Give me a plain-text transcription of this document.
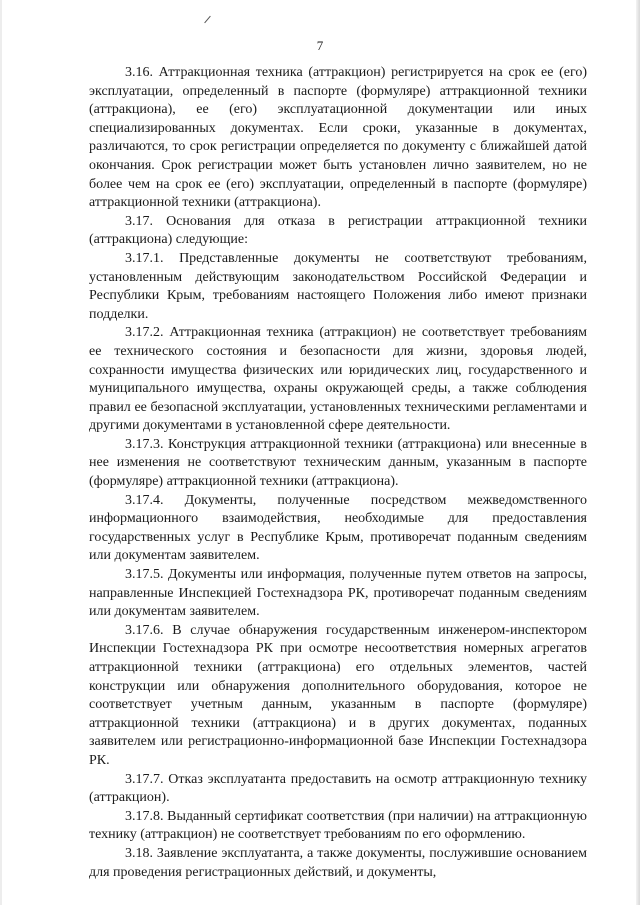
7

3.16. Аттракционная техника (аттракцион) регистрируется на срок ее (его) эксплуатации, определенный в паспорте (формуляре) аттракционной техники (аттракциона), ее (его) эксплуатационной документации или иных специализированных документах. Если сроки, указанные в документах, различаются, то срок регистрации определяется по документу с ближайшей датой окончания. Срок регистрации может быть установлен лично заявителем, но не более чем на срок ее (его) эксплуатации, определенный в паспорте (формуляре) аттракционной техники (аттракциона).

3.17. Основания для отказа в регистрации аттракционной техники (аттракциона) следующие:

3.17.1. Представленные документы не соответствуют требованиям, установленным действующим законодательством Российской Федерации и Республики Крым, требованиям настоящего Положения либо имеют признаки подделки.

3.17.2. Аттракционная техника (аттракцион) не соответствует требованиям ее технического состояния и безопасности для жизни, здоровья людей, сохранности имущества физических или юридических лиц, государственного и муниципального имущества, охраны окружающей среды, а также соблюдения правил ее безопасной эксплуатации, установленных техническими регламентами и другими документами в установленной сфере деятельности.

3.17.3. Конструкция аттракционной техники (аттракциона) или внесенные в нее изменения не соответствуют техническим данным, указанным в паспорте (формуляре) аттракционной техники (аттракциона).

3.17.4. Документы, полученные посредством межведомственного информационного взаимодействия, необходимые для предоставления государственных услуг в Республике Крым, противоречат поданным сведениям или документам заявителем.

3.17.5. Документы или информация, полученные путем ответов на запросы, направленные Инспекцией Гостехнадзора РК, противоречат поданным сведениям или документам заявителем.

3.17.6. В случае обнаружения государственным инженером-инспектором Инспекции Гостехнадзора РК при осмотре несоответствия номерных агрегатов аттракционной техники (аттракциона) его отдельных элементов, частей конструкции или обнаружения дополнительного оборудования, которое не соответствует учетным данным, указанным в паспорте (формуляре) аттракционной техники (аттракциона) и в других документах, поданных заявителем или регистрационно-информационной базе Инспекции Гостехнадзора РК.

3.17.7. Отказ эксплуатанта предоставить на осмотр аттракционную технику (аттракцион).

3.17.8. Выданный сертификат соответствия (при наличии) на аттракционную технику (аттракцион) не соответствует требованиям по его оформлению.

3.18. Заявление эксплуатанта, а также документы, послужившие основанием для проведения регистрационных действий, и документы,
